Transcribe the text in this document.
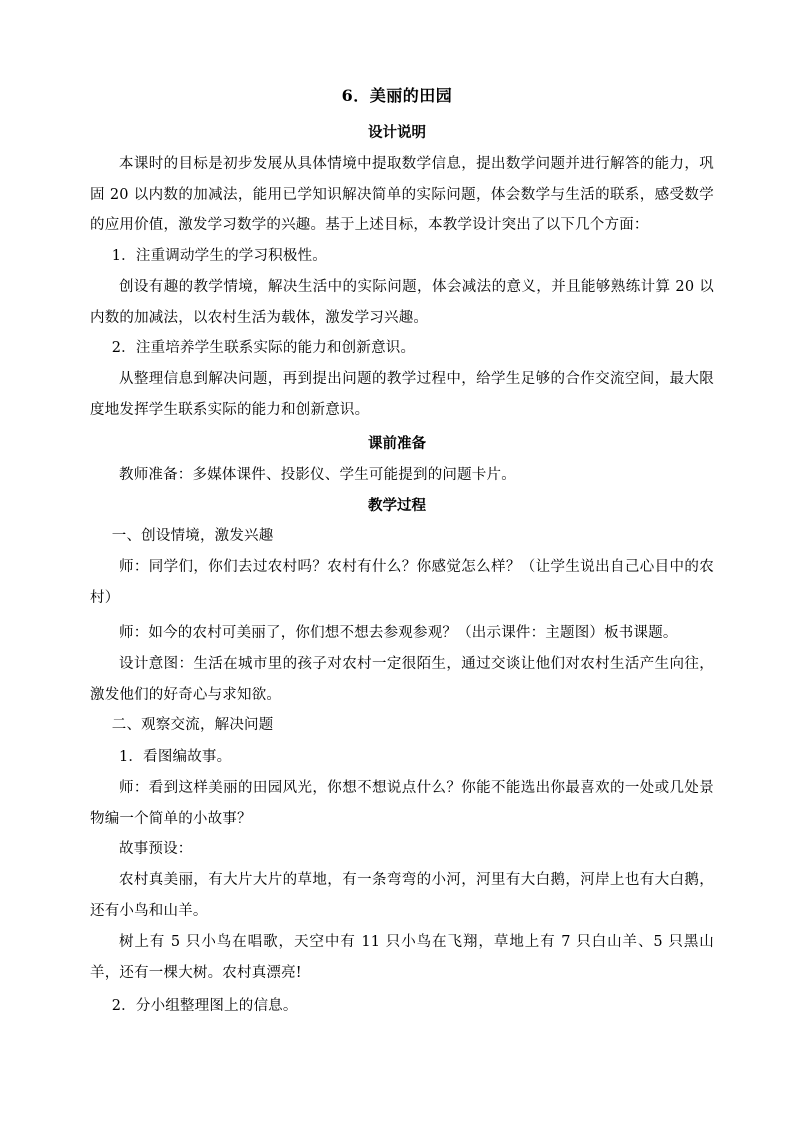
6．美丽的田园
设计说明
本课时的目标是初步发展从具体情境中提取数学信息，提出数学问题并进行解答的能力，巩固 20 以内数的加减法，能用已学知识解决简单的实际问题，体会数学与生活的联系，感受数学的应用价值，激发学习数学的兴趣。基于上述目标，本教学设计突出了以下几个方面：
1．注重调动学生的学习积极性。
创设有趣的教学情境，解决生活中的实际问题，体会减法的意义，并且能够熟练计算 20 以内数的加减法，以农村生活为载体，激发学习兴趣。
2．注重培养学生联系实际的能力和创新意识。
从整理信息到解决问题，再到提出问题的教学过程中，给学生足够的合作交流空间，最大限度地发挥学生联系实际的能力和创新意识。
课前准备
教师准备：多媒体课件、投影仪、学生可能提到的问题卡片。
教学过程
一、创设情境，激发兴趣
师：同学们，你们去过农村吗？农村有什么？你感觉怎么样？（让学生说出自己心目中的农村）
师：如今的农村可美丽了，你们想不想去参观参观？（出示课件：主题图）板书课题。
设计意图：生活在城市里的孩子对农村一定很陌生，通过交谈让他们对农村生活产生向往，激发他们的好奇心与求知欲。
二、观察交流，解决问题
1．看图编故事。
师：看到这样美丽的田园风光，你想不想说点什么？你能不能选出你最喜欢的一处或几处景物编一个简单的小故事？
故事预设：
农村真美丽，有大片大片的草地，有一条弯弯的小河，河里有大白鹅，河岸上也有大白鹅，还有小鸟和山羊。
树上有 5 只小鸟在唱歌，天空中有 11 只小鸟在飞翔，草地上有 7 只白山羊、5 只黑山羊，还有一棵大树。农村真漂亮!
2．分小组整理图上的信息。
